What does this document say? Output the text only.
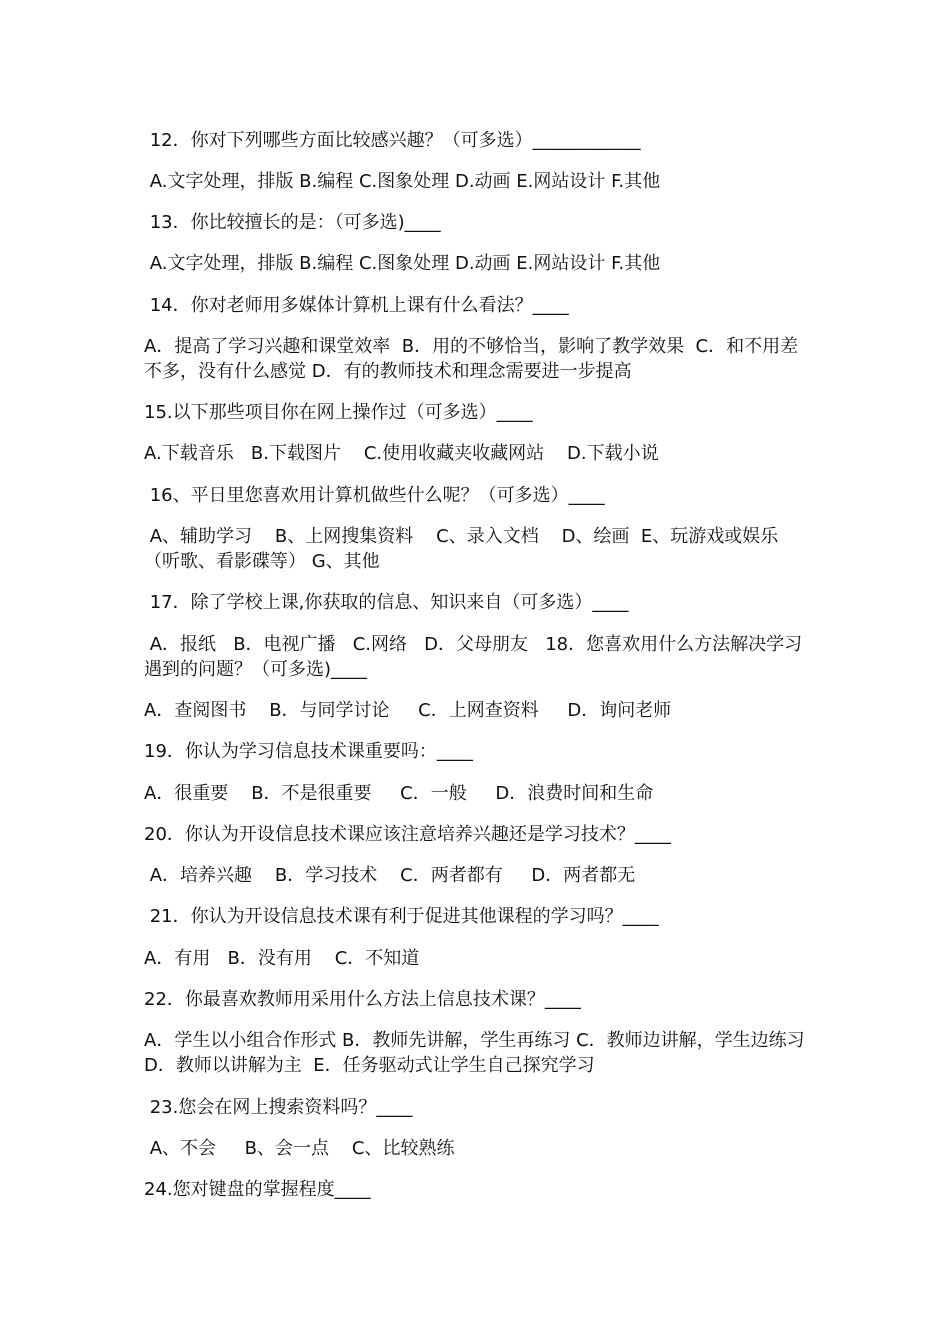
12．你对下列哪些方面比较感兴趣？（可多选）____________

A.文字处理，排版 B.编程 C.图象处理 D.动画 E.网站设计 F.其他

13．你比较擅长的是：（可多选)____

A.文字处理，排版 B.编程 C.图象处理 D.动画 E.网站设计 F.其他

14．你对老师用多媒体计算机上课有什么看法？____

A．提高了学习兴趣和课堂效率  B．用的不够恰当，影响了教学效果  C．和不用差不多，没有什么感觉 D．有的教师技术和理念需要进一步提高

15.以下那些项目你在网上操作过（可多选）____

A.下载音乐   B.下载图片    C.使用收藏夹收藏网站    D.下载小说

16、平日里您喜欢用计算机做些什么呢？（可多选）____

A、辅助学习    B、上网搜集资料    C、录入文档    D、绘画  E、玩游戏或娱乐（听歌、看影碟等） G、其他

17．除了学校上课,你获取的信息、知识来自（可多选）____

A．报纸   B．电视广播   C.网络   D．父母朋友   18．您喜欢用什么方法解决学习遇到的问题？（可多选)____

A．查阅图书    B．与同学讨论     C．上网查资料     D．询问老师

19．你认为学习信息技术课重要吗：____

A．很重要    B．不是很重要     C．一般     D．浪费时间和生命

20．你认为开设信息技术课应该注意培养兴趣还是学习技术？____

A．培养兴趣    B．学习技术    C．两者都有     D．两者都无

21．你认为开设信息技术课有利于促进其他课程的学习吗？____

A．有用   B．没有用    C．不知道

22．你最喜欢教师用采用什么方法上信息技术课？____

A．学生以小组合作形式 B．教师先讲解，学生再练习 C．教师边讲解，学生边练习 D．教师以讲解为主  E．任务驱动式让学生自己探究学习

23.您会在网上搜索资料吗？____

A、不会     B、会一点    C、比较熟练

24.您对键盘的掌握程度____
